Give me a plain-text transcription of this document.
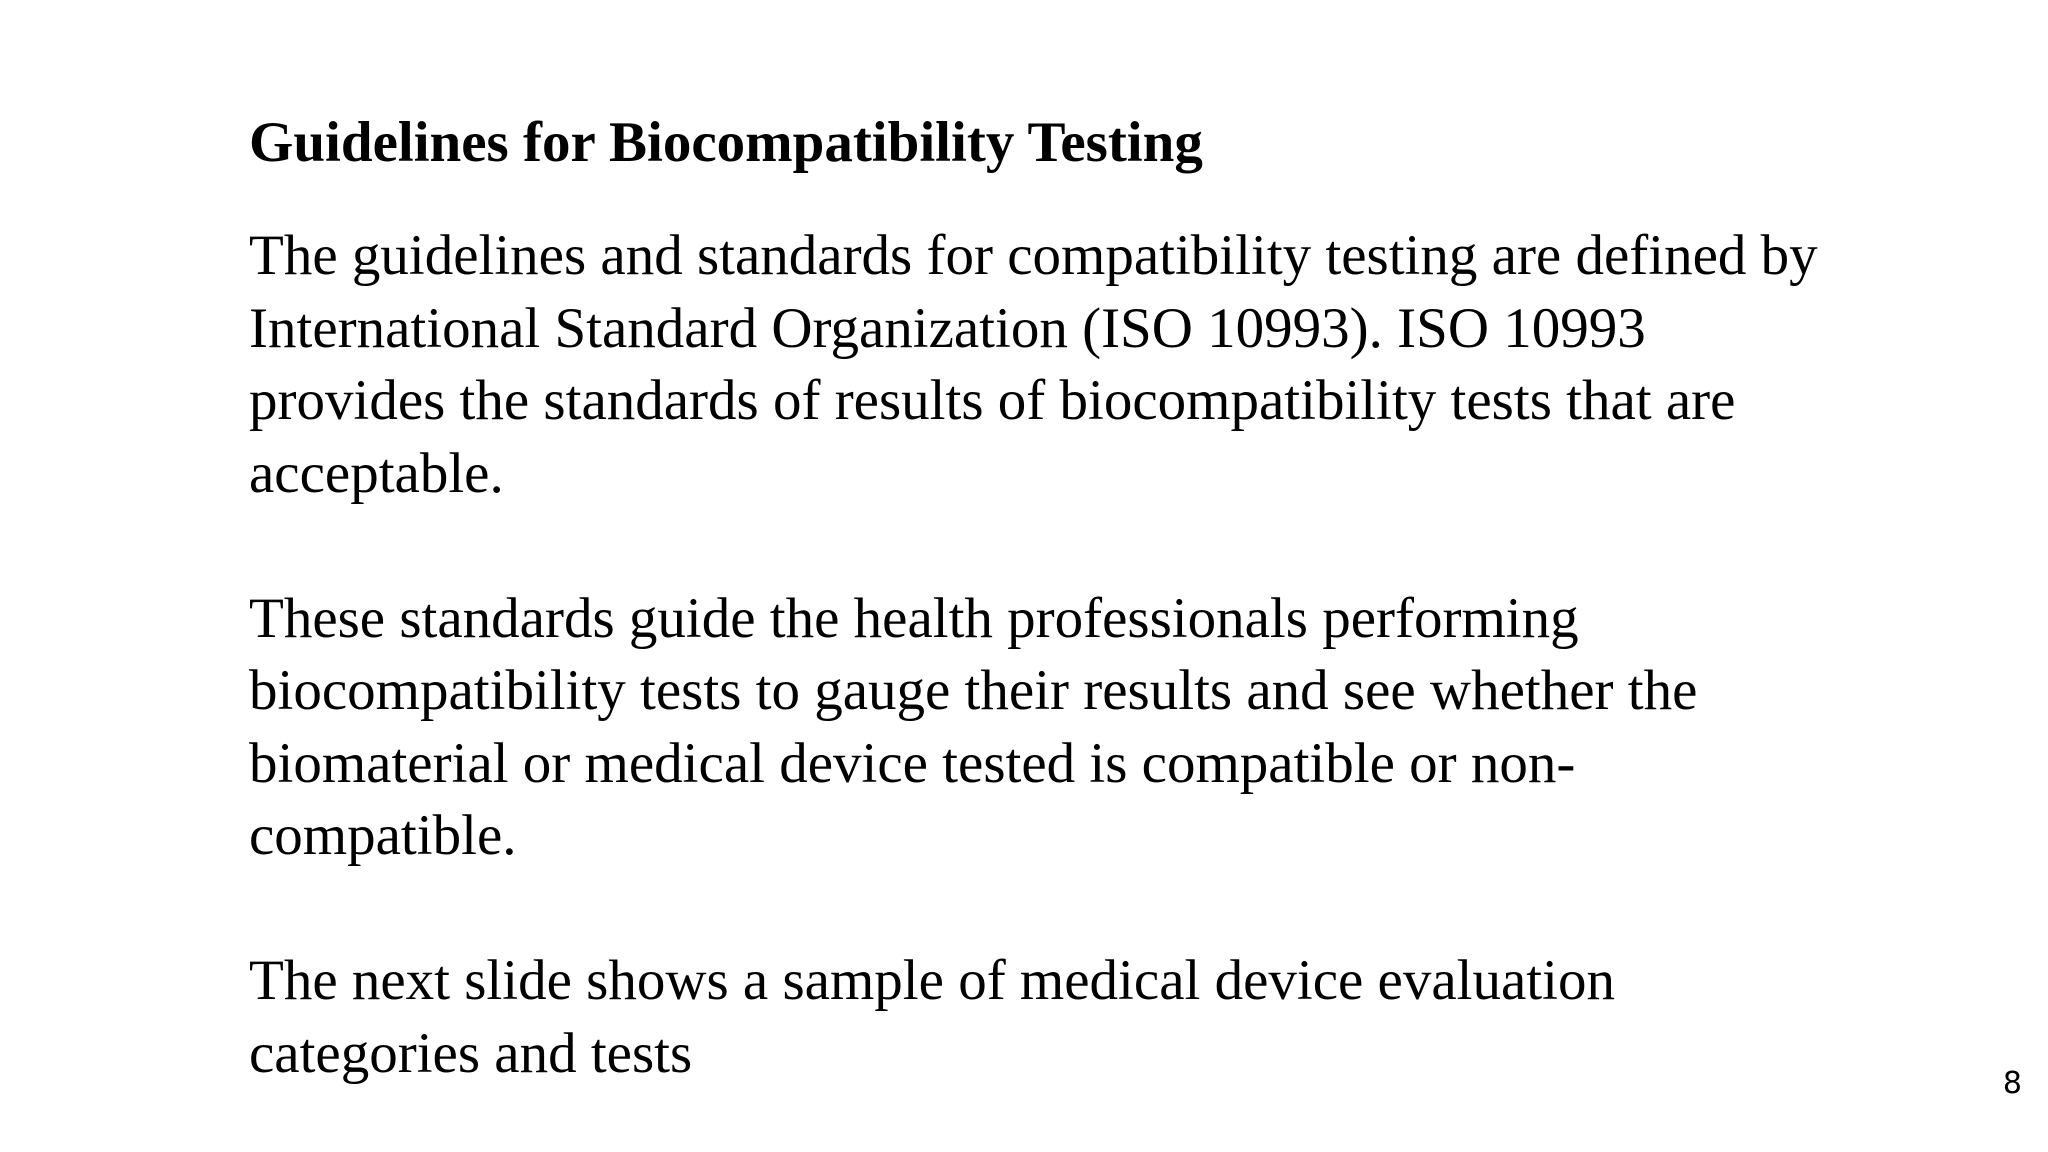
Guidelines for Biocompatibility Testing
The guidelines and standards for compatibility testing are defined by
International Standard Organization (ISO 10993). ISO 10993
provides the standards of results of biocompatibility tests that are
acceptable.
These standards guide the health professionals performing
biocompatibility tests to gauge their results and see whether the
biomaterial or medical device tested is compatible or non-
compatible.
The next slide shows a sample of medical device evaluation
categories and tests	8
